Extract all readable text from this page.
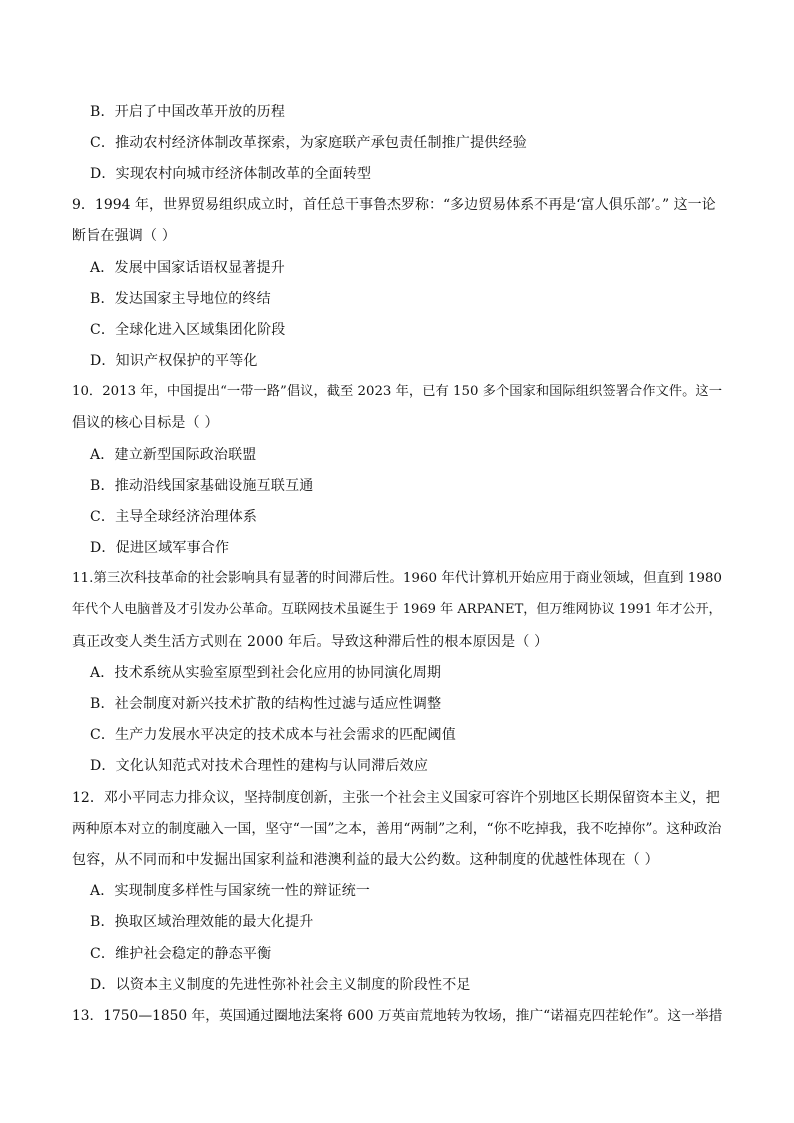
B．开启了中国改革开放的历程
C．推动农村经济体制改革探索，为家庭联产承包责任制推广提供经验
D．实现农村向城市经济体制改革的全面转型
9．1994 年，世界贸易组织成立时，首任总干事鲁杰罗称：“多边贸易体系不再是‘富人俱乐部’。” 这一论
断旨在强调（ ）
A．发展中国家话语权显著提升
B．发达国家主导地位的终结
C．全球化进入区域集团化阶段
D．知识产权保护的平等化
10．2013 年，中国提出“一带一路”倡议，截至 2023 年，已有 150 多个国家和国际组织签署合作文件。这一
倡议的核心目标是（ ）
A．建立新型国际政治联盟
B．推动沿线国家基础设施互联互通
C．主导全球经济治理体系
D．促进区域军事合作
11.第三次科技革命的社会影响具有显著的时间滞后性。1960 年代计算机开始应用于商业领域，但直到 1980
年代个人电脑普及才引发办公革命。互联网技术虽诞生于 1969 年 ARPANET，但万维网协议 1991 年才公开，
真正改变人类生活方式则在 2000 年后。导致这种滞后性的根本原因是（ ）
A．技术系统从实验室原型到社会化应用的协同演化周期
B．社会制度对新兴技术扩散的结构性过滤与适应性调整
C．生产力发展水平决定的技术成本与社会需求的匹配阈值
D．文化认知范式对技术合理性的建构与认同滞后效应
12．邓小平同志力排众议，坚持制度创新，主张一个社会主义国家可容许个别地区长期保留资本主义，把
两种原本对立的制度融入一国，坚守“一国”之本，善用“两制”之利，“你不吃掉我，我不吃掉你”。这种政治
包容，从不同而和中发掘出国家利益和港澳利益的最大公约数。这种制度的优越性体现在（ ）
A．实现制度多样性与国家统一性的辩证统一
B．换取区域治理效能的最大化提升
C．维护社会稳定的静态平衡
D．以资本主义制度的先进性弥补社会主义制度的阶段性不足
13．1750—1850 年，英国通过圈地法案将 600 万英亩荒地转为牧场，推广“诺福克四茬轮作”。这一举措
